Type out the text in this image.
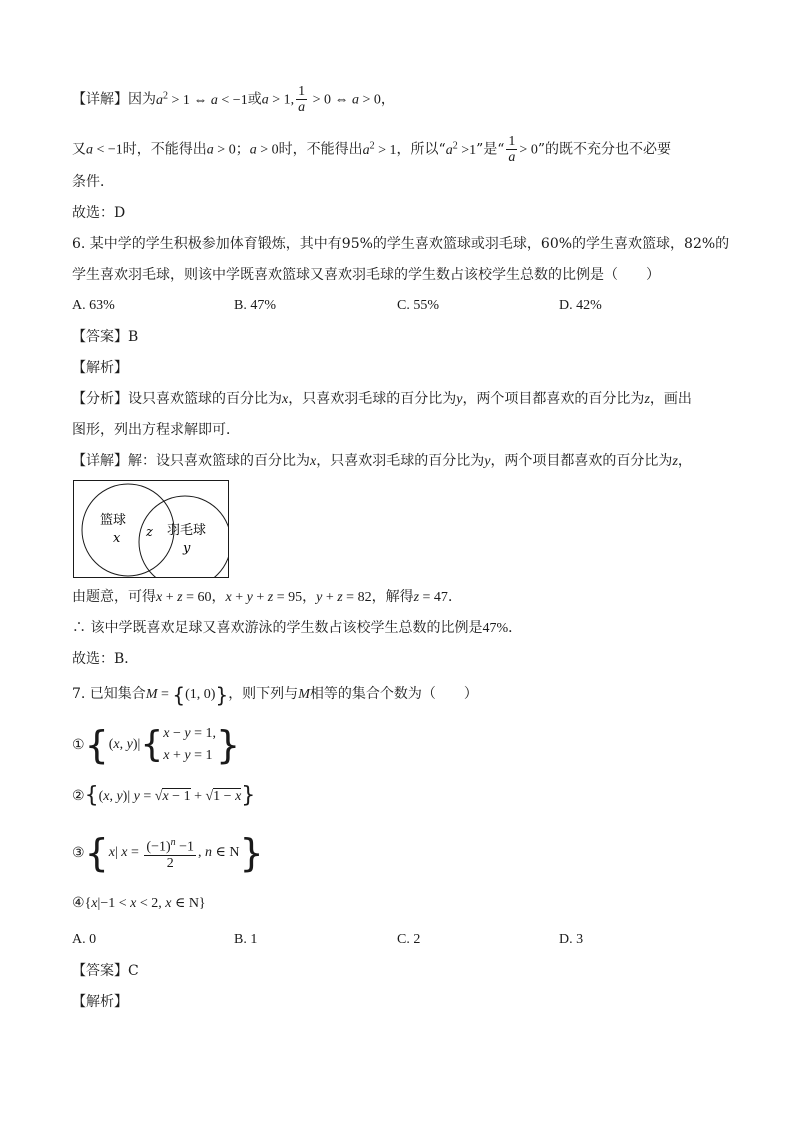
【详解】因为$a^2 > 1$ ⇔ a < −1或a > 1, $\frac{1}{a} > 0$ ⇔ a > 0，
又a < −1时，不能得出a > 0；a > 0时，不能得出$a^2 > 1$，所以“$a^2 >1$”是“ $\frac{1}{a} > 0$”的既不充分也不必要
条件．
故选：D
6. 某中学的学生积极参加体育锻炼，其中有95%的学生喜欢篮球或羽毛球，60%的学生喜欢篮球，82%的
学生喜欢羽毛球，则该中学既喜欢篮球又喜欢羽毛球的学生数占该校学生总数的比例是（　　）
A. 63%	B. 47%	C. 55%	D. 42%
【答案】B
【解析】
【分析】设只喜欢篮球的百分比为x，只喜欢羽毛球的百分比为y，两个项目都喜欢的百分比为z，画出
图形，列出方程求解即可．
【详解】解：设只喜欢篮球的百分比为x，只喜欢羽毛球的百分比为y，两个项目都喜欢的百分比为z，
篮球
x z 羽毛球
y
由题意，可得x + z = 60，x + y + z = 95，y + z = 82，解得z = 47．
∴ 该中学既喜欢足球又喜欢游泳的学生数占该校学生总数的比例是47%．
故选：B．
7. 已知集合M = {(1, 0)}，则下列与M相等的集合个数为（　　）
①{(x, y)|{ x − y = 1,
x + y = 1 }
②{(x, y)| y = √x − 1 + √1 − x}
③{x| $x = \frac{(-1)^n -1}{2}$ , n ∈ N}
④{x|−1 < x < 2, x ∈ N}
A. 0	B. 1	C. 2	D. 3
【答案】C
【解析】
